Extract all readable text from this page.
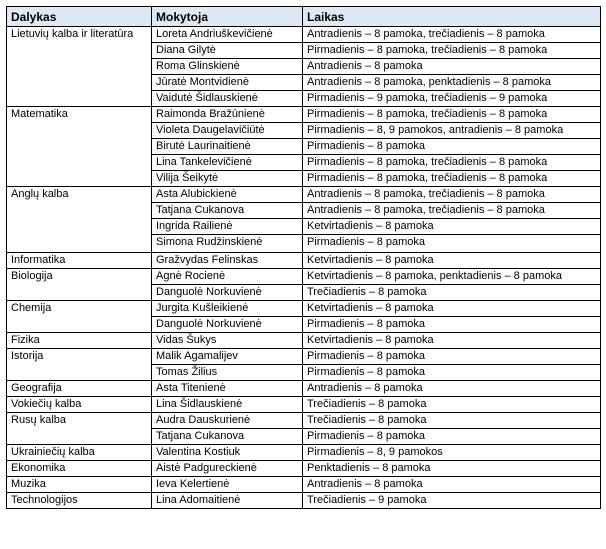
Dalykas	Mokytoja	Laikas
Lietuvių kalba ir literatūra	Loreta Andriuškevičienė	Antradienis – 8 pamoka, trečiadienis – 8 pamoka
	Diana Gilytė	Pirmadienis – 8 pamoka, trečiadienis – 8 pamoka
	Roma Glinskienė	Antradienis – 8 pamoka
	Jūratė Montvidienė	Antradienis – 8 pamoka, penktadienis – 8 pamoka
	Vaidutė Šidlauskienė	Pirmadienis – 9 pamoka, trečiadienis – 9 pamoka
Matematika	Raimonda Bražūnienė	Pirmadienis – 8 pamoka, trečiadienis – 8 pamoka
	Violeta Daugelavičiūtė	Pirmadienis – 8, 9 pamokos, antradienis – 8 pamoka
	Birutė Laurinaitienė	Pirmadienis – 8 pamoka
	Lina Tankelevičienė	Pirmadienis – 8 pamoka, trečiadienis – 8 pamoka
	Vilija Šeikytė	Pirmadienis – 8 pamoka, trečiadienis – 8 pamoka
Anglų kalba	Asta Alubickienė	Antradienis – 8 pamoka, trečiadienis – 8 pamoka
	Tatjana Cukanova	Antradienis – 8 pamoka, trečiadienis – 8 pamoka
	Ingrida Railienė	Ketvirtadienis – 8 pamoka
	Simona Rudžinskienė	Pirmadienis – 8 pamoka
Informatika	Gražvydas Felinskas	Ketvirtadienis – 8 pamoka
Biologija	Agnė Rocienė	Ketvirtadienis – 8 pamoka, penktadienis – 8 pamoka
	Danguolė Norkuvienė	Trečiadienis – 8 pamoka
Chemija	Jurgita Kušleikienė	Ketvirtadienis – 8 pamoka
	Danguolė Norkuvienė	Pirmadienis – 8 pamoka
Fizika	Vidas Šukys	Ketvirtadienis – 8 pamoka
Istorija	Malik Agamalijev	Pirmadienis – 8 pamoka
	Tomas Žilius	Pirmadienis – 8 pamoka
Geografija	Asta Titenienė	Antradienis – 8 pamoka
Vokiečių kalba	Lina Šidlauskienė	Trečiadienis – 8 pamoka
Rusų kalba	Audra Dauskurienė	Trečiadienis – 8 pamoka
	Tatjana Cukanova	Pirmadienis – 8 pamoka
Ukrainiečių kalba	Valentina Kostiuk	Pirmadienis – 8, 9 pamokos
Ekonomika	Aistė Padgureckienė	Penktadienis – 8 pamoka
Muzika	Ieva Kelertienė	Antradienis – 8 pamoka
Technologijos	Lina Adomaitienė	Trečiadienis – 9 pamoka
